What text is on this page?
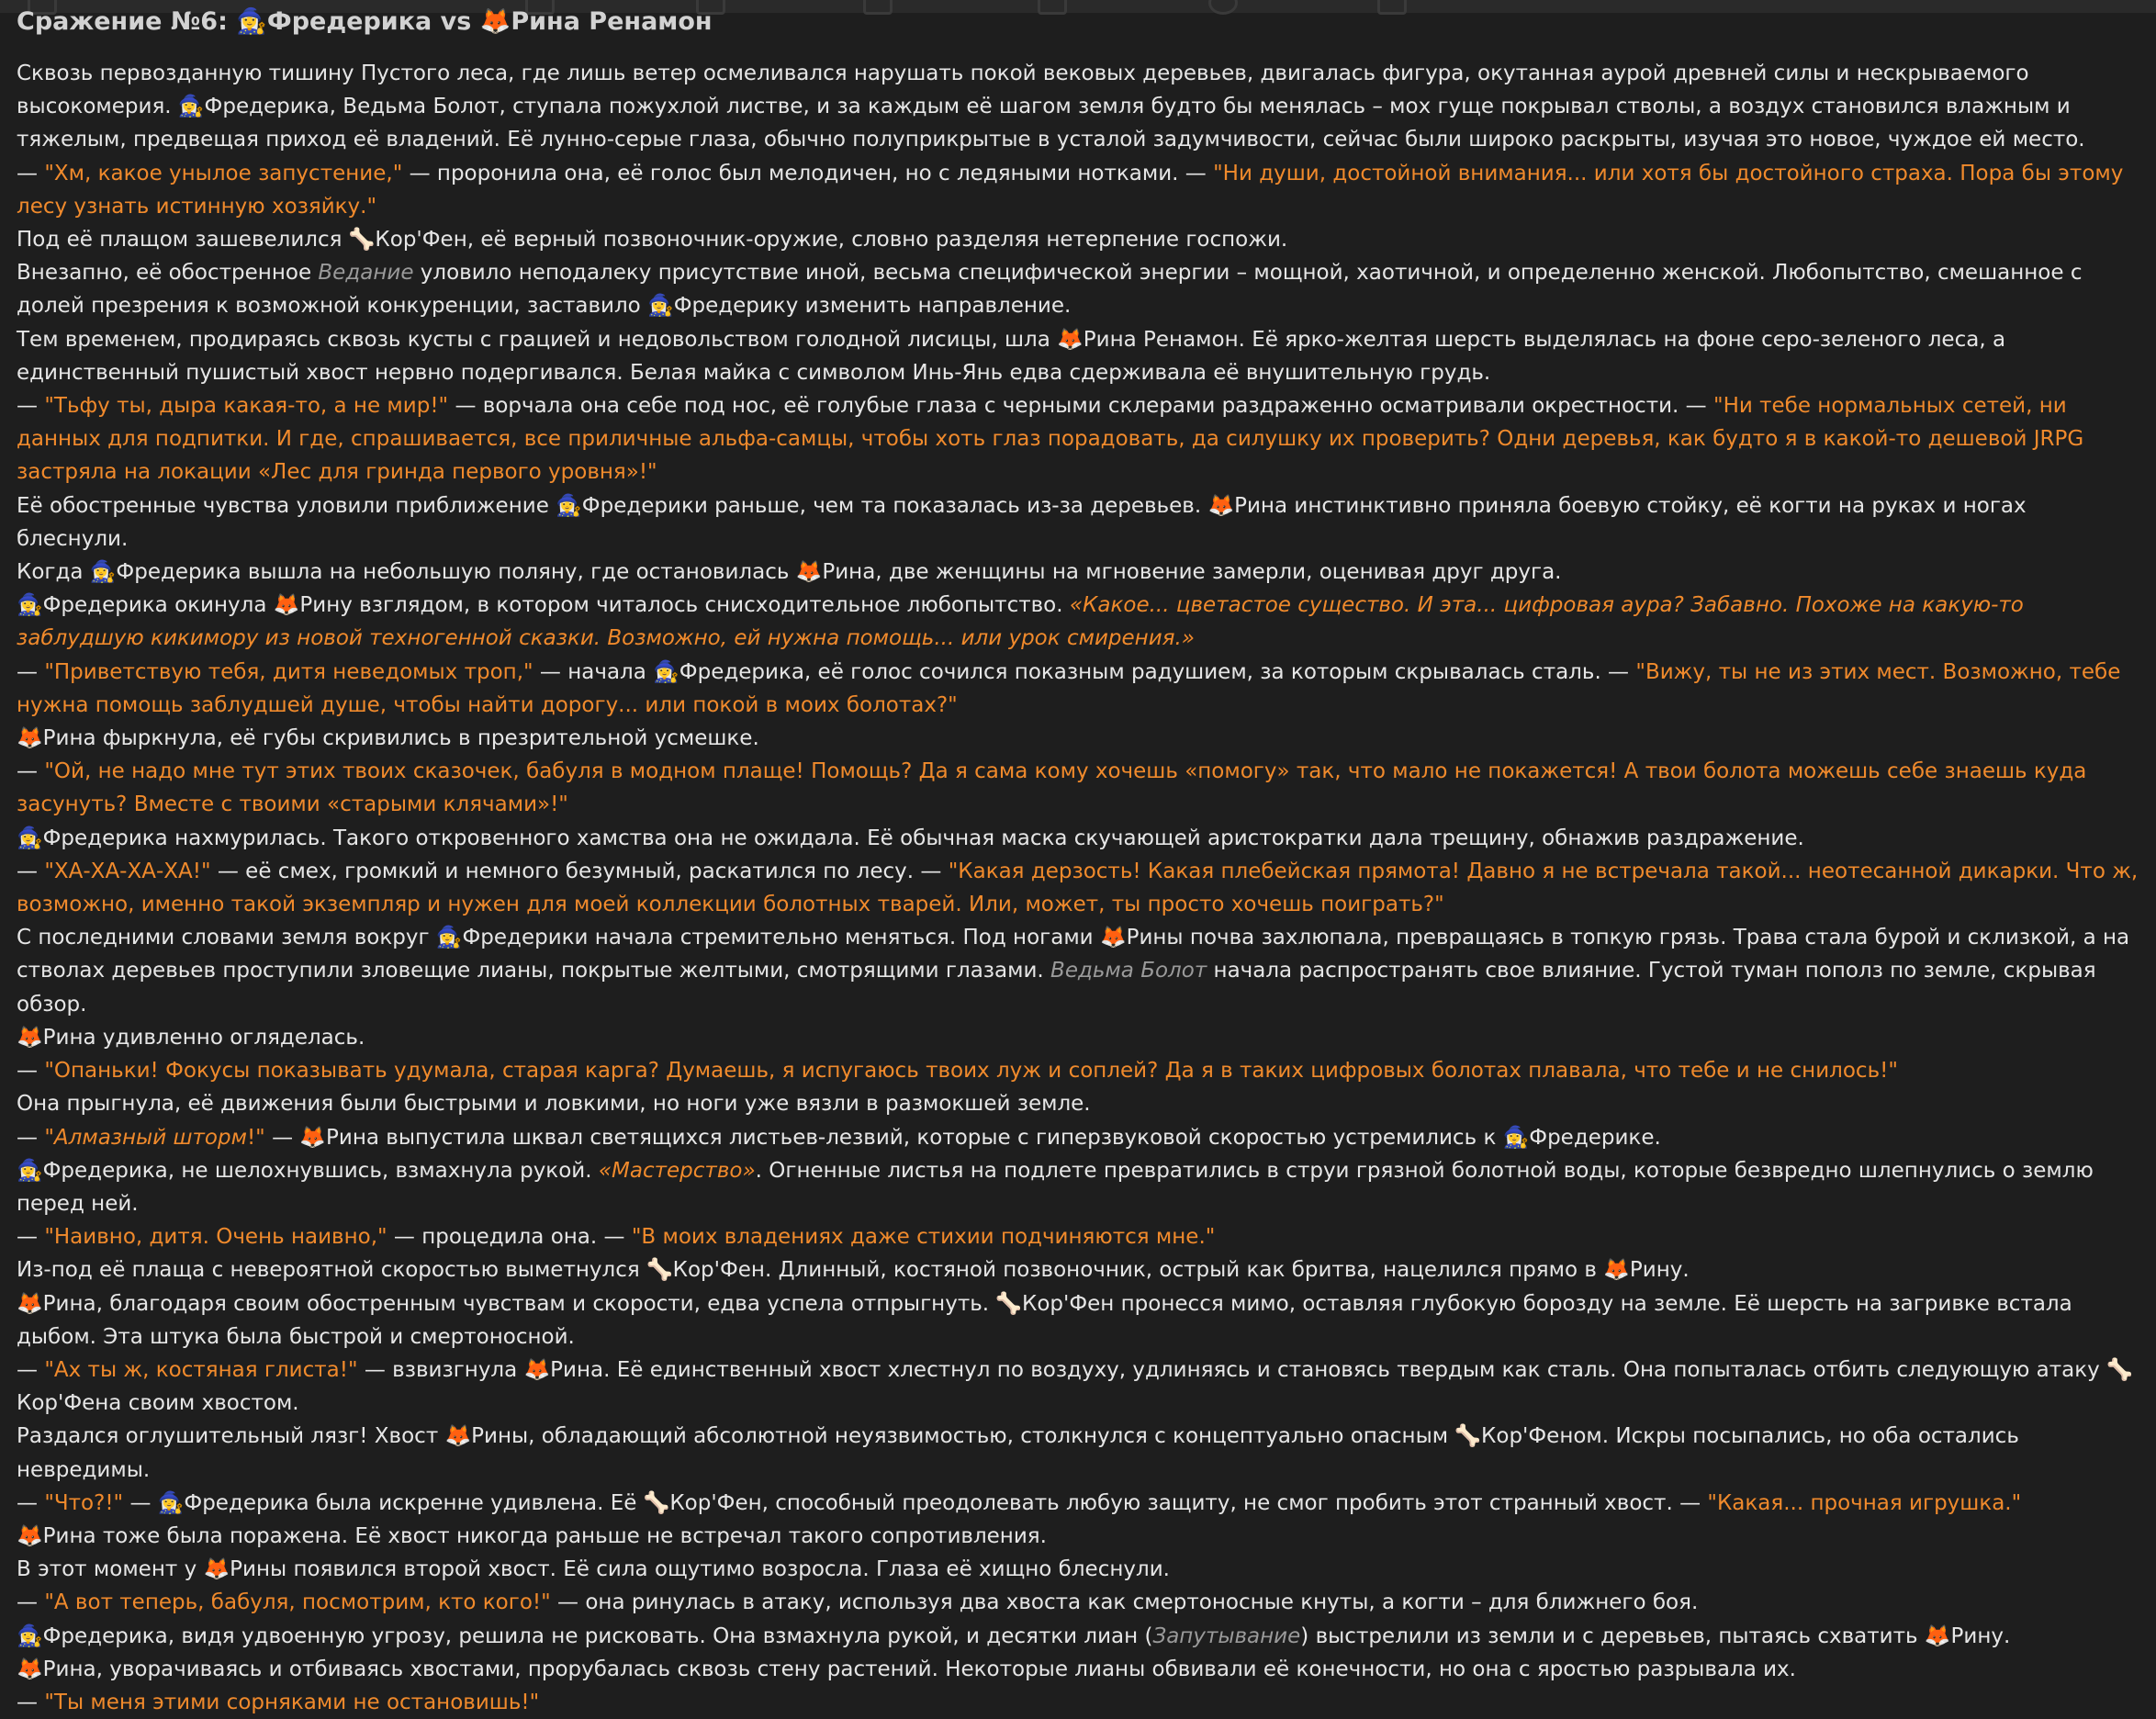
Сражение №6: 🧙‍♀️Фредерика vs 🦊Рина Ренамон

Сквозь первозданную тишину Пустого леса, где лишь ветер осмеливался нарушать покой вековых деревьев, двигалась фигура, окутанная аурой древней силы и нескрываемого высокомерия. 🧙‍♀️Фредерика, Ведьма Болот, ступала пожухлой листве, и за каждым её шагом земля будто бы менялась – мох гуще покрывал стволы, а воздух становился влажным и тяжелым, предвещая приход её владений. Её лунно-серые глаза, обычно полуприкрытые в усталой задумчивости, сейчас были широко раскрыты, изучая это новое, чуждое ей место.

— "Хм, какое унылое запустение," — проронила она, её голос был мелодичен, но с ледяными нотками. — "Ни души, достойной внимания... или хотя бы достойного страха. Пора бы этому лесу узнать истинную хозяйку."

Под её плащом зашевелился 🦴Кор'Фен, её верный позвоночник-оружие, словно разделяя нетерпение госпожи.

Внезапно, её обостренное Ведание уловило неподалеку присутствие иной, весьма специфической энергии – мощной, хаотичной, и определенно женской. Любопытство, смешанное с долей презрения к возможной конкуренции, заставило 🧙‍♀️Фредерику изменить направление.

Тем временем, продираясь сквозь кусты с грацией и недовольством голодной лисицы, шла 🦊Рина Ренамон. Её ярко-желтая шерсть выделялась на фоне серо-зеленого леса, а единственный пушистый хвост нервно подергивался. Белая майка с символом Инь-Янь едва сдерживала её внушительную грудь.

— "Тьфу ты, дыра какая-то, а не мир!" — ворчала она себе под нос, её голубые глаза с черными склерами раздраженно осматривали окрестности. — "Ни тебе нормальных сетей, ни данных для подпитки. И где, спрашивается, все приличные альфа-самцы, чтобы хоть глаз порадовать, да силушку их проверить? Одни деревья, как будто я в какой-то дешевой JRPG застряла на локации «Лес для гринда первого уровня»!"

Её обостренные чувства уловили приближение 🧙‍♀️Фредерики раньше, чем та показалась из-за деревьев. 🦊Рина инстинктивно приняла боевую стойку, её когти на руках и ногах блеснули.

Когда 🧙‍♀️Фредерика вышла на небольшую поляну, где остановилась 🦊Рина, две женщины на мгновение замерли, оценивая друг друга.

🧙‍♀️Фредерика окинула 🦊Рину взглядом, в котором читалось снисходительное любопытство. «Какое... цветастое существо. И эта... цифровая аура? Забавно. Похоже на какую-то заблудшую кикимору из новой техногенной сказки. Возможно, ей нужна помощь... или урок смирения.»

— "Приветствую тебя, дитя неведомых троп," — начала 🧙‍♀️Фредерика, её голос сочился показным радушием, за которым скрывалась сталь. — "Вижу, ты не из этих мест. Возможно, тебе нужна помощь заблудшей душе, чтобы найти дорогу... или покой в моих болотах?"

🦊Рина фыркнула, её губы скривились в презрительной усмешке.

— "Ой, не надо мне тут этих твоих сказочек, бабуля в модном плаще! Помощь? Да я сама кому хочешь «помогу» так, что мало не покажется! А твои болота можешь себе знаешь куда засунуть? Вместе с твоими «старыми клячами»!"

🧙‍♀️Фредерика нахмурилась. Такого откровенного хамства она не ожидала. Её обычная маска скучающей аристократки дала трещину, обнажив раздражение.

— "ХА-ХА-ХА-ХА!" — её смех, громкий и немного безумный, раскатился по лесу. — "Какая дерзость! Какая плебейская прямота! Давно я не встречала такой... неотесанной дикарки. Что ж, возможно, именно такой экземпляр и нужен для моей коллекции болотных тварей. Или, может, ты просто хочешь поиграть?"

С последними словами земля вокруг 🧙‍♀️Фредерики начала стремительно меняться. Под ногами 🦊Рины почва захлюпала, превращаясь в топкую грязь. Трава стала бурой и склизкой, а на стволах деревьев проступили зловещие лианы, покрытые желтыми, смотрящими глазами. Ведьма Болот начала распространять свое влияние. Густой туман пополз по земле, скрывая обзор.

🦊Рина удивленно огляделась.

— "Опаньки! Фокусы показывать удумала, старая карга? Думаешь, я испугаюсь твоих луж и соплей? Да я в таких цифровых болотах плавала, что тебе и не снилось!"

Она прыгнула, её движения были быстрыми и ловкими, но ноги уже вязли в размокшей земле.

— "Алмазный шторм!" — 🦊Рина выпустила шквал светящихся листьев-лезвий, которые с гиперзвуковой скоростью устремились к 🧙‍♀️Фредерике.

🧙‍♀️Фредерика, не шелохнувшись, взмахнула рукой. «Мастерство». Огненные листья на подлете превратились в струи грязной болотной воды, которые безвредно шлепнулись о землю перед ней.

— "Наивно, дитя. Очень наивно," — процедила она. — "В моих владениях даже стихии подчиняются мне."

Из-под её плаща с невероятной скоростью выметнулся 🦴Кор'Фен. Длинный, костяной позвоночник, острый как бритва, нацелился прямо в 🦊Рину.

🦊Рина, благодаря своим обостренным чувствам и скорости, едва успела отпрыгнуть. 🦴Кор'Фен пронесся мимо, оставляя глубокую борозду на земле. Её шерсть на загривке встала дыбом. Эта штука была быстрой и смертоносной.

— "Ах ты ж, костяная глиста!" — взвизгнула 🦊Рина. Её единственный хвост хлестнул по воздуху, удлиняясь и становясь твердым как сталь. Она попыталась отбить следующую атаку 🦴Кор'Фена своим хвостом.

Раздался оглушительный лязг! Хвост 🦊Рины, обладающий абсолютной неуязвимостью, столкнулся с концептуально опасным 🦴Кор'Феном. Искры посыпались, но оба остались невредимы.

— "Что?!" — 🧙‍♀️Фредерика была искренне удивлена. Её 🦴Кор'Фен, способный преодолевать любую защиту, не смог пробить этот странный хвост. — "Какая... прочная игрушка."

🦊Рина тоже была поражена. Её хвост никогда раньше не встречал такого сопротивления.

В этот момент у 🦊Рины появился второй хвост. Её сила ощутимо возросла. Глаза её хищно блеснули.

— "А вот теперь, бабуля, посмотрим, кто кого!" — она ринулась в атаку, используя два хвоста как смертоносные кнуты, а когти – для ближнего боя.

🧙‍♀️Фредерика, видя удвоенную угрозу, решила не рисковать. Она взмахнула рукой, и десятки лиан (Запутывание) выстрелили из земли и с деревьев, пытаясь схватить 🦊Рину.

🦊Рина, уворачиваясь и отбиваясь хвостами, прорубалась сквозь стену растений. Некоторые лианы обвивали её конечности, но она с яростью разрывала их.

— "Ты меня этими сорняками не остановишь!"
